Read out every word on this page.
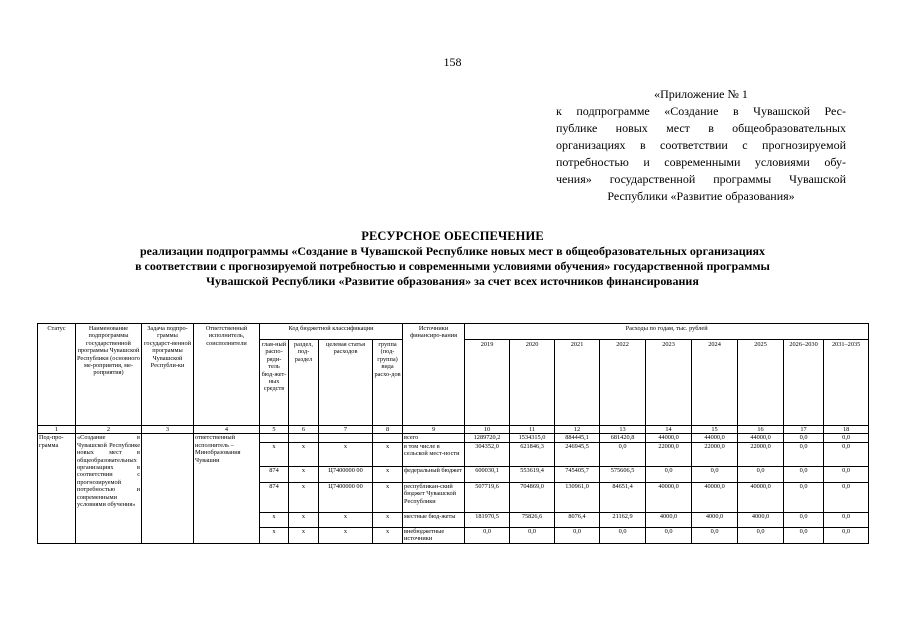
158
«Приложение № 1
к подпрограмме «Создание в Чувашской Рес-
публике новых мест в общеобразовательных
организациях в соответствии с прогнозируемой
потребностью и современными условиями обу-
чения» государственной программы Чувашской
Республики «Развитие образования»
РЕСУРСНОЕ ОБЕСПЕЧЕНИЕ
реализации подпрограммы «Создание в Чувашской Республике новых мест в общеобразовательных организациях
в соответствии с прогнозируемой потребностью и современными условиями обучения» государственной программы
Чувашской Республики «Развитие образования» за счет всех источников финансирования
Статус	Наименование подпрограммы государственной программы Чувашской Республики (основного ме-роприятия, ме-роприятия)	Задача подпро-граммы государст-венной программы Чувашской Республи-ки	Ответственный исполнитель, соисполнители	Код бюджетной классификации				Источники финансиро-вания	Расходы по годам, тыс. рублей								
				глав-ный распо-ряди-тель бюд-жет-ных средств	раздел, под-раздел	целевая статья расходов	группа (под-группа) вида расхо-дов		2019	2020	2021	2022	2023	2024	2025	2026–2030	2031–2035
1	2	3	4	5	6	7	8	9	10	11	12	13	14	15	16	17	18
Под-про-грамма	«Создание в Чувашской Республике новых мест в общеобразовательных организациях в соответствии с прогнозируемой потребностью и современными условиями обучения»		ответственный исполнитель – Минобразования Чувашии					всего	1289720,2	1534315,0	884445,1	681420,8	44000,0	44000,0	44000,0	0,0	0,0
				x	x	x	x	в том числе в сельской мест-ности	304352,0	621846,3	246945,5	0,0	22000,0	22000,0	22000,0	0,0	0,0
				874	x	Ц7400000 00	x	федеральный бюджет	600030,1	553619,4	745405,7	575606,5	0,0	0,0	0,0	0,0	0,0
				874	x	Ц7400000 00	x	республикан-ский бюджет Чувашской Республики	507719,6	704869,0	130961,0	84651,4	40000,0	40000,0	40000,0	0,0	0,0
				x	x	x	x	местные бюд-жеты	181970,5	75826,6	8076,4	21162,9	4000,0	4000,0	4000,0	0,0	0,0
				x	x	x	x	внебюджетные источники	0,0	0,0	0,0	0,0	0,0	0,0	0,0	0,0	0,0
